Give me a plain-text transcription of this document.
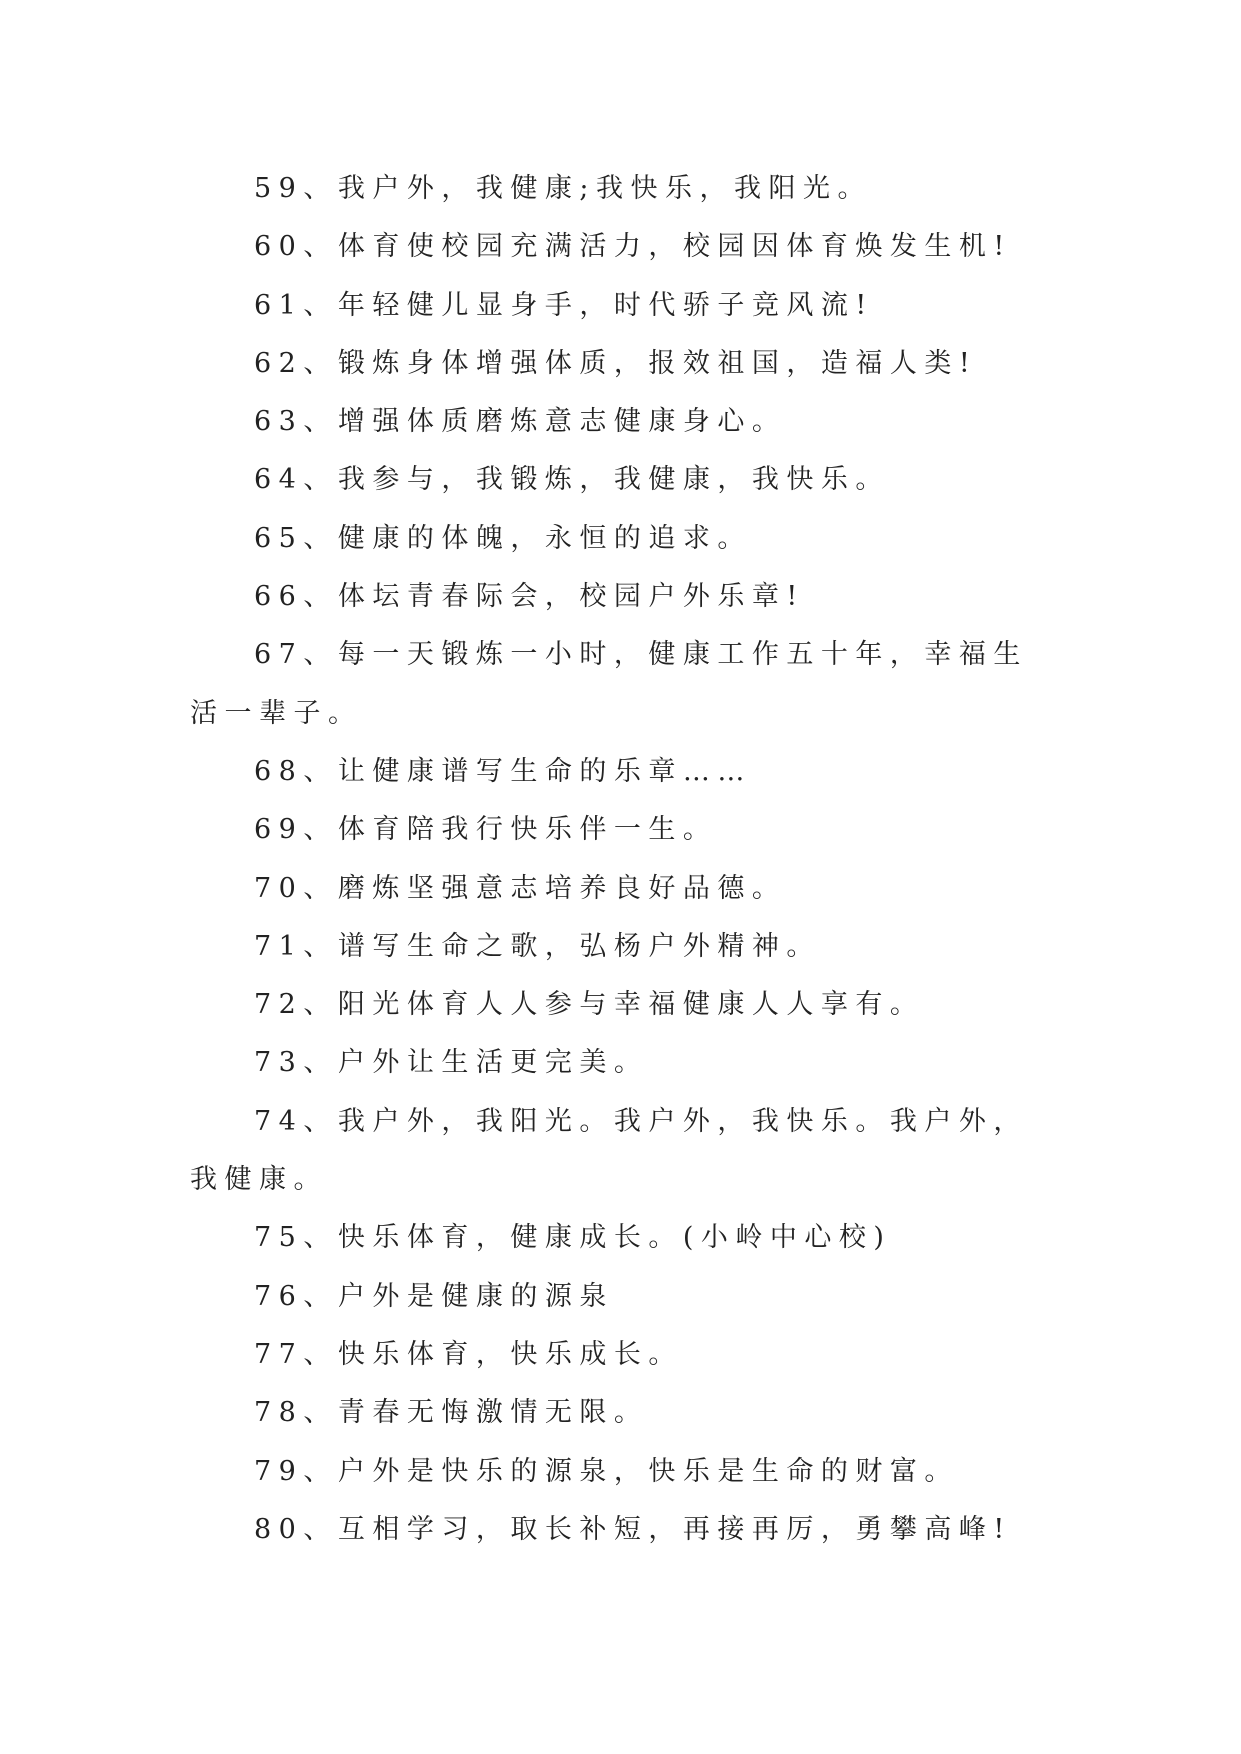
59、我户外，我健康;我快乐，我阳光。

60、体育使校园充满活力，校园因体育焕发生机!

61、年轻健儿显身手，时代骄子竞风流!

62、锻炼身体增强体质，报效祖国，造福人类!

63、增强体质磨炼意志健康身心。

64、我参与，我锻炼，我健康，我快乐。

65、健康的体魄，永恒的追求。

66、体坛青春际会，校园户外乐章!

67、每一天锻炼一小时，健康工作五十年，幸福生活一辈子。

68、让健康谱写生命的乐章……

69、体育陪我行快乐伴一生。

70、磨炼坚强意志培养良好品德。

71、谱写生命之歌，弘杨户外精神。

72、阳光体育人人参与幸福健康人人享有。

73、户外让生活更完美。

74、我户外，我阳光。我户外，我快乐。我户外，我健康。

75、快乐体育，健康成长。(小岭中心校)

76、户外是健康的源泉

77、快乐体育，快乐成长。

78、青春无悔激情无限。

79、户外是快乐的源泉，快乐是生命的财富。

80、互相学习，取长补短，再接再厉，勇攀高峰!
